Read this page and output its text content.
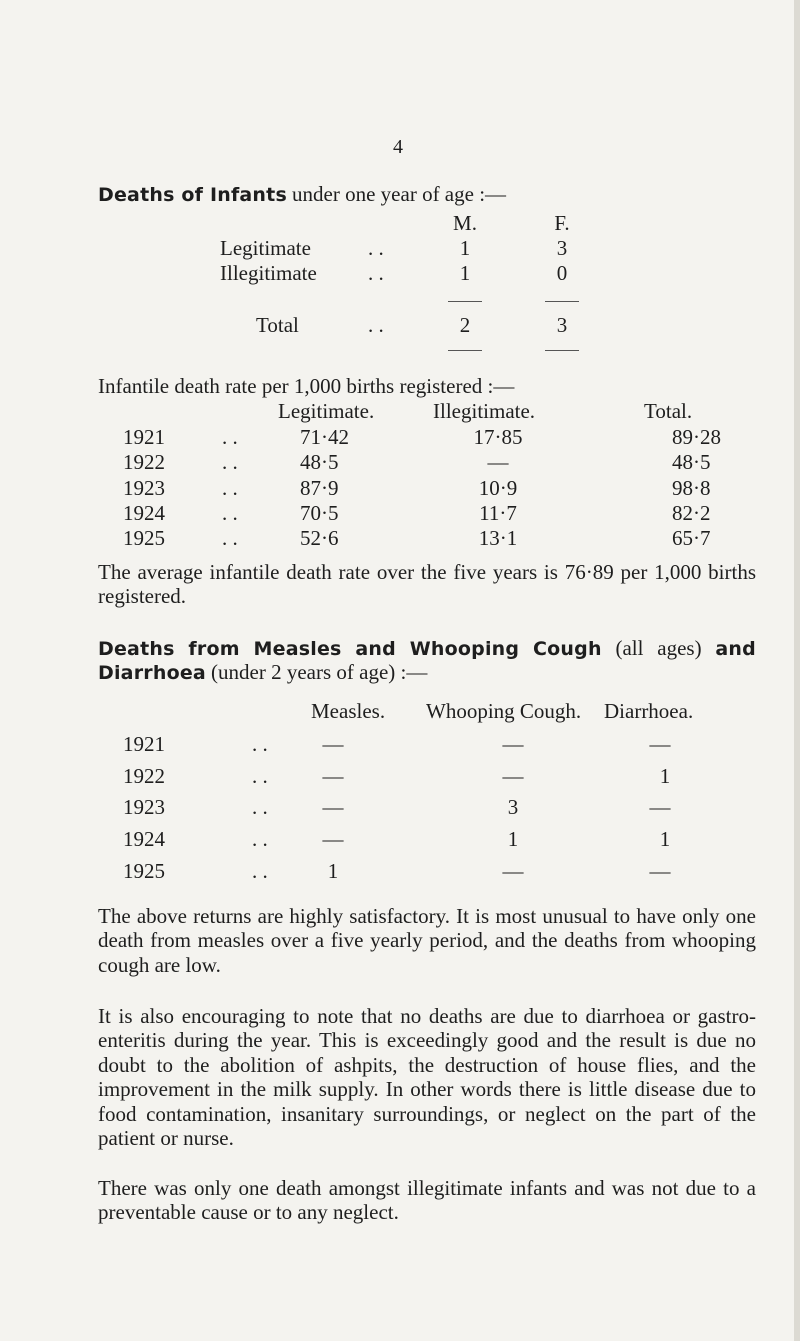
4
Deaths of Infants under one year of age :—
M.	F.
Legitimate	. .	1	3
Illegitimate . .	1	0
Total	. .	2	3
Infantile death rate per 1,000 births registered :—
Legitimate.	Illegitimate.	Total.
1921	. .	71·42	17·85	89·28
1922	. .	48·5	—	48·5
1923	. .	87·9	10·9	98·8
1924	. .	70·5	11·7	82·2
1925	. .	52·6	13·1	65·7

The average infantile death rate over the five years is 76·89 per 1,000 births registered.

Deaths from Measles and Whooping Cough (all ages) and
Diarrhoea (under 2 years of age) :—
Measles. Whooping Cough. Diarrhoea.
1921	. .	—	—	—
1922	. .	—	—	1
1923	. .	—	3	—
1924	. .	—	1	1
1925	. .	1	—	—

The above returns are highly satisfactory. It is most unusual to have only one death from measles over a five yearly period, and the deaths from whooping cough are low.

It is also encouraging to note that no deaths are due to diarrhoea or gastro-enteritis during the year. This is exceedingly good and the result is due no doubt to the abolition of ashpits, the destruction of house flies, and the improvement in the milk supply. In other words there is little disease due to food contamination, insanitary surroundings, or neglect on the part of the patient or nurse.

There was only one death amongst illegitimate infants and was not due to a preventable cause or to any neglect.
